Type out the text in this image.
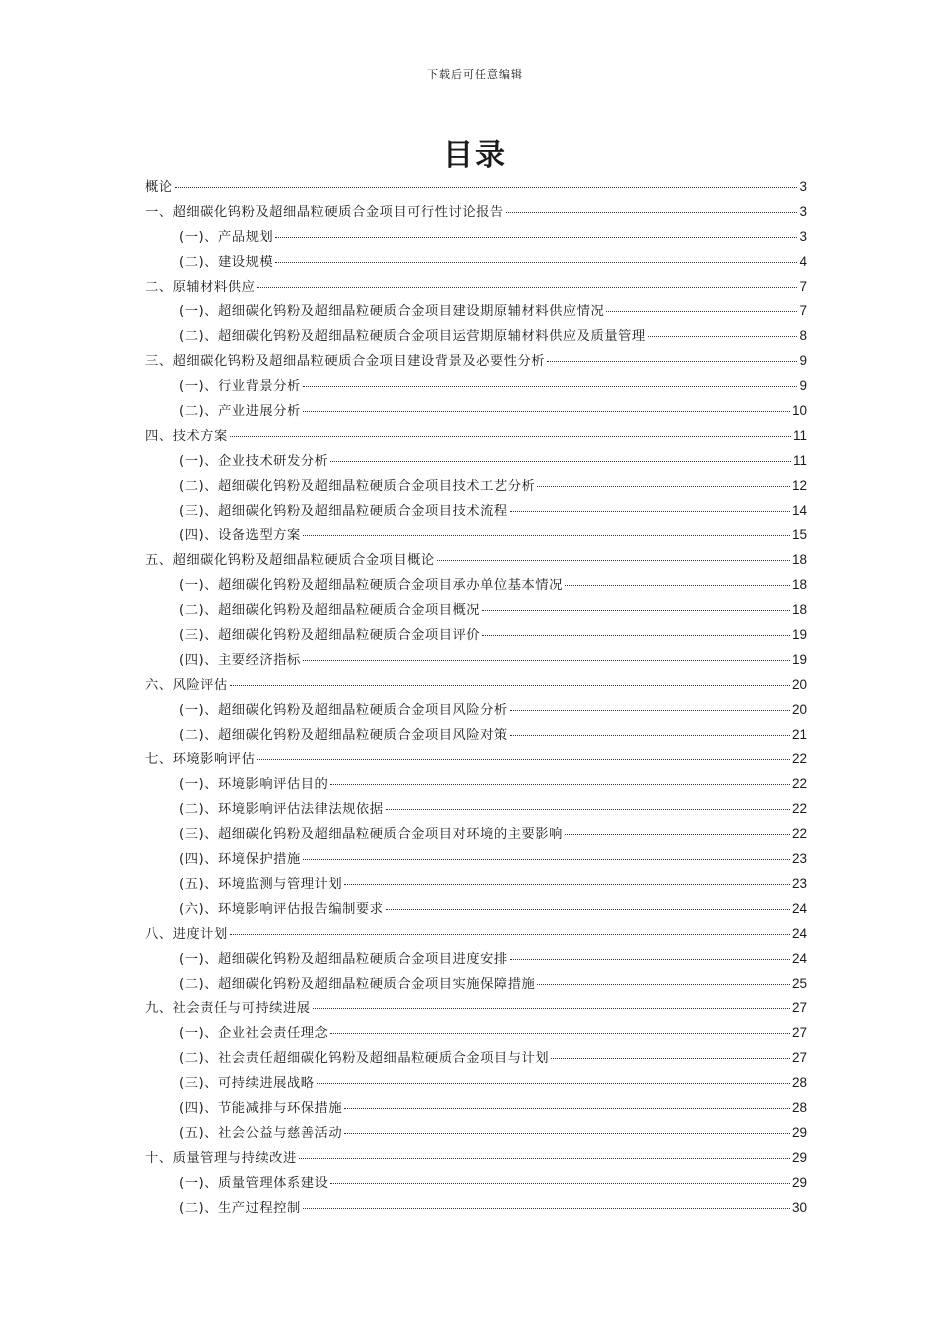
下载后可任意编辑
目录
概论	3
一、超细碳化钨粉及超细晶粒硬质合金项目可行性讨论报告	3
(一)、产品规划	3
(二)、建设规模	4
二、原辅材料供应	7
(一)、超细碳化钨粉及超细晶粒硬质合金项目建设期原辅材料供应情况	7
(二)、超细碳化钨粉及超细晶粒硬质合金项目运营期原辅材料供应及质量管理	8
三、超细碳化钨粉及超细晶粒硬质合金项目建设背景及必要性分析	9
(一)、行业背景分析	9
(二)、产业进展分析	10
四、技术方案	11
(一)、企业技术研发分析	11
(二)、超细碳化钨粉及超细晶粒硬质合金项目技术工艺分析	12
(三)、超细碳化钨粉及超细晶粒硬质合金项目技术流程	14
(四)、设备选型方案	15
五、超细碳化钨粉及超细晶粒硬质合金项目概论	18
(一)、超细碳化钨粉及超细晶粒硬质合金项目承办单位基本情况	18
(二)、超细碳化钨粉及超细晶粒硬质合金项目概况	18
(三)、超细碳化钨粉及超细晶粒硬质合金项目评价	19
(四)、主要经济指标	19
六、风险评估	20
(一)、超细碳化钨粉及超细晶粒硬质合金项目风险分析	20
(二)、超细碳化钨粉及超细晶粒硬质合金项目风险对策	21
七、环境影响评估	22
(一)、环境影响评估目的	22
(二)、环境影响评估法律法规依据	22
(三)、超细碳化钨粉及超细晶粒硬质合金项目对环境的主要影响	22
(四)、环境保护措施	23
(五)、环境监测与管理计划	23
(六)、环境影响评估报告编制要求	24
八、进度计划	24
(一)、超细碳化钨粉及超细晶粒硬质合金项目进度安排	24
(二)、超细碳化钨粉及超细晶粒硬质合金项目实施保障措施	25
九、社会责任与可持续进展	27
(一)、企业社会责任理念	27
(二)、社会责任超细碳化钨粉及超细晶粒硬质合金项目与计划	27
(三)、可持续进展战略	28
(四)、节能减排与环保措施	28
(五)、社会公益与慈善活动	29
十、质量管理与持续改进	29
(一)、质量管理体系建设	29
(二)、生产过程控制	30
